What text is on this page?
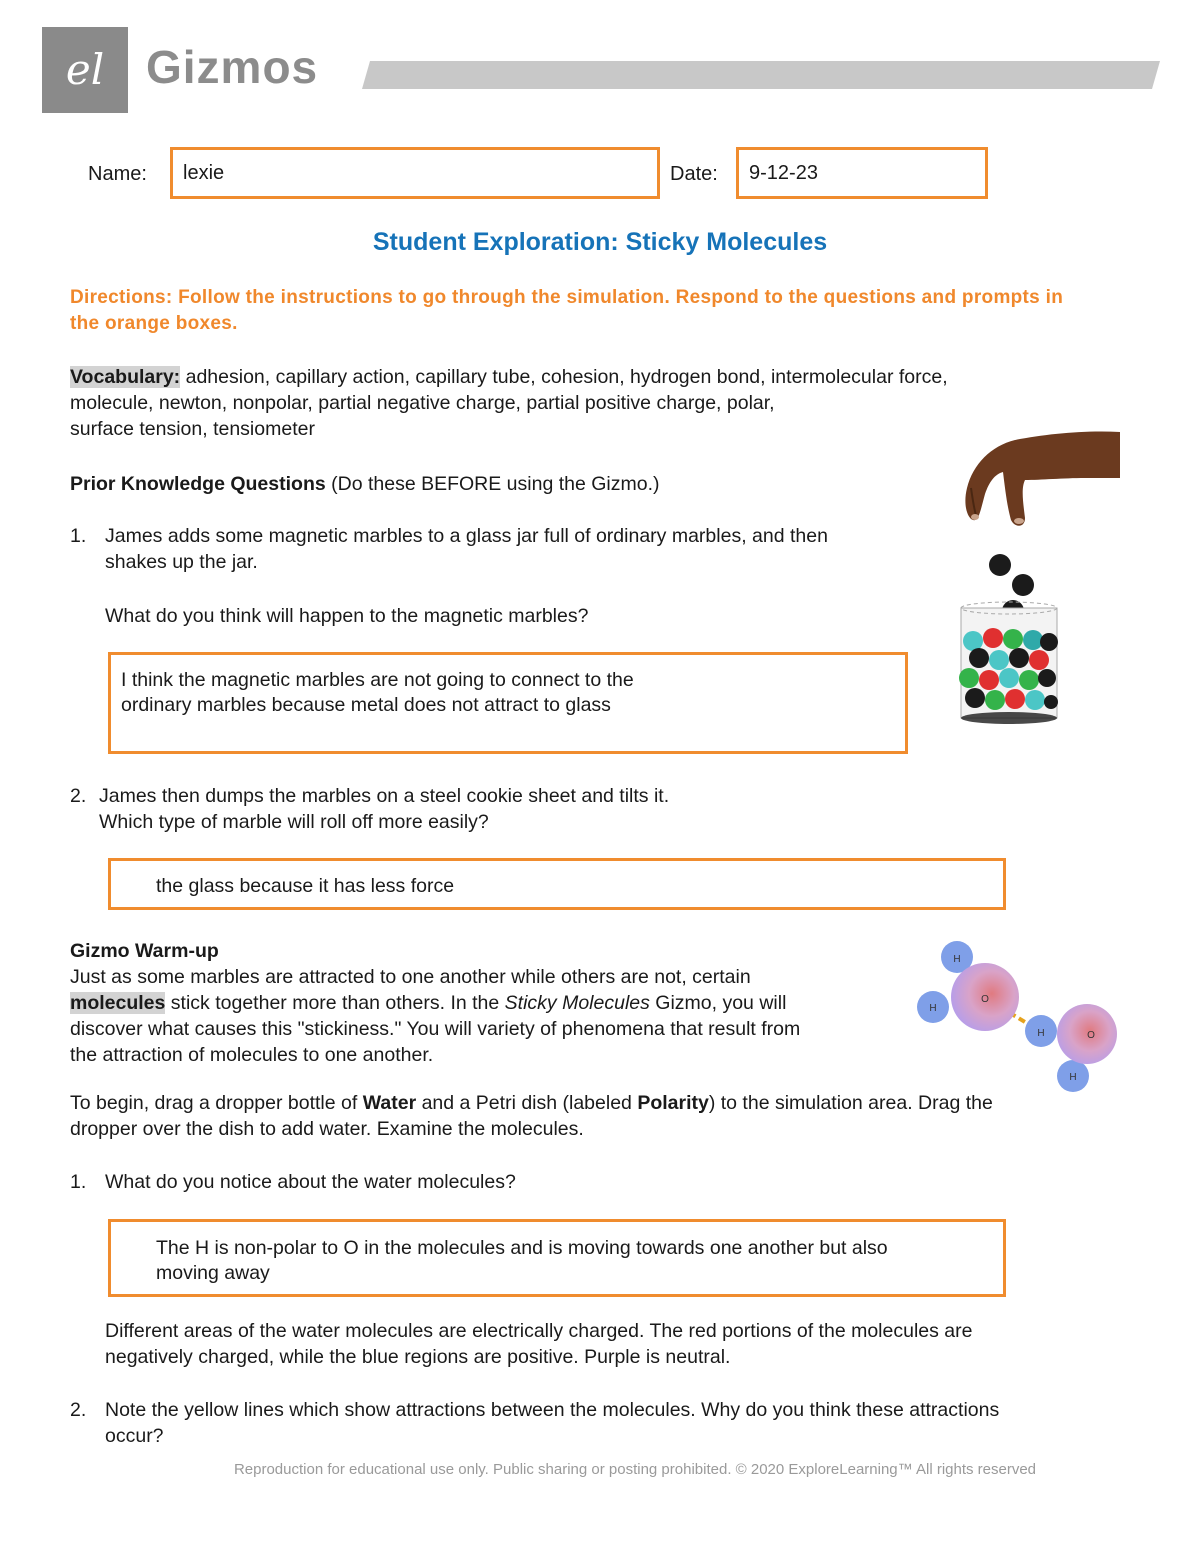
el Gizmos
Name: lexie	Date: 9-12-23
Student Exploration: Sticky Molecules
Directions: Follow the instructions to go through the simulation. Respond to the questions and prompts in the orange boxes.
Vocabulary: adhesion, capillary action, capillary tube, cohesion, hydrogen bond, intermolecular force,
molecule, newton, nonpolar, partial negative charge, partial positive charge, polar,
surface tension, tensiometer
Prior Knowledge Questions (Do these BEFORE using the Gizmo.)
1. James adds some magnetic marbles to a glass jar full of ordinary marbles, and then
shakes up the jar.
What do you think will happen to the magnetic marbles?
I think the magnetic marbles are not going to connect to the
ordinary marbles because metal does not attract to glass
2. James then dumps the marbles on a steel cookie sheet and tilts it.
Which type of marble will roll off more easily?
the glass because it has less force
Gizmo Warm-up
Just as some marbles are attracted to one another while others are not, certain
molecules stick together more than others. In the Sticky Molecules Gizmo, you will
discover what causes this "stickiness." You will variety of phenomena that result from
the attraction of molecules to one another.
H
H
O
H
H
O
To begin, drag a dropper bottle of Water and a Petri dish (labeled Polarity) to the simulation area. Drag the
dropper over the dish to add water. Examine the molecules.
1. What do you notice about the water molecules?
The H is non-polar to O in the molecules and is moving towards one another but also
moving away
Different areas of the water molecules are electrically charged. The red portions of the molecules are
negatively charged, while the blue regions are positive. Purple is neutral.
2. Note the yellow lines which show attractions between the molecules. Why do you think these attractions
occur?
Reproduction for educational use only. Public sharing or posting prohibited. © 2020 ExploreLearning™ All rights reserved
